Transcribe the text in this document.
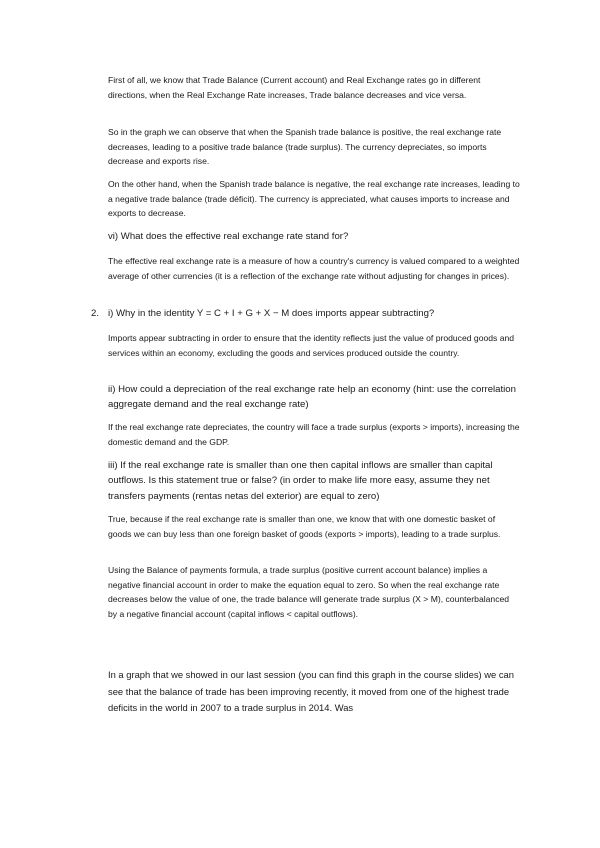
First of all, we know that Trade Balance (Current account) and Real Exchange rates go in different directions, when the Real Exchange Rate increases, Trade balance decreases and vice versa.

So in the graph we can observe that when the Spanish trade balance is positive, the real exchange rate decreases, leading to a positive trade balance (trade surplus). The currency depreciates, so imports decrease and exports rise.

On the other hand, when the Spanish trade balance is negative, the real exchange rate increases, leading to a negative trade balance (trade déficit). The currency is appreciated, what causes imports to increase and exports to decrease.

vi) What does the effective real exchange rate stand for?

The effective real exchange rate is a measure of how a country's currency is valued compared to a weighted average of other currencies (it is a reflection of the exchange rate without adjusting for changes in prices).

2. i) Why in the identity Y = C + I + G + X − M does imports appear subtracting?

Imports appear subtracting in order to ensure that the identity reflects just the value of produced goods and services within an economy, excluding the goods and services produced outside the country.

ii) How could a depreciation of the real exchange rate help an economy (hint: use the correlation aggregate demand and the real exchange rate)

If the real exchange rate depreciates, the country will face a trade surplus (exports > imports), increasing the domestic demand and the GDP.

iii) If the real exchange rate is smaller than one then capital inflows are smaller than capital outflows. Is this statement true or false? (in order to make life more easy, assume they net transfers payments (rentas netas del exterior) are equal to zero)

True, because if the real exchange rate is smaller than one, we know that with one domestic basket of goods we can buy less than one foreign basket of goods (exports > imports), leading to a trade surplus.

Using the Balance of payments formula, a trade surplus (positive current account balance) implies a negative financial account in order to make the equation equal to zero. So when the real exchange rate decreases below the value of one, the trade balance will generate trade surplus (X > M), counterbalanced by a negative financial account (capital inflows < capital outflows).

In a graph that we showed in our last session (you can find this graph in the course slides) we can see that the balance of trade has been improving recently, it moved from one of the highest trade deficits in the world in 2007 to a trade surplus in 2014. Was
